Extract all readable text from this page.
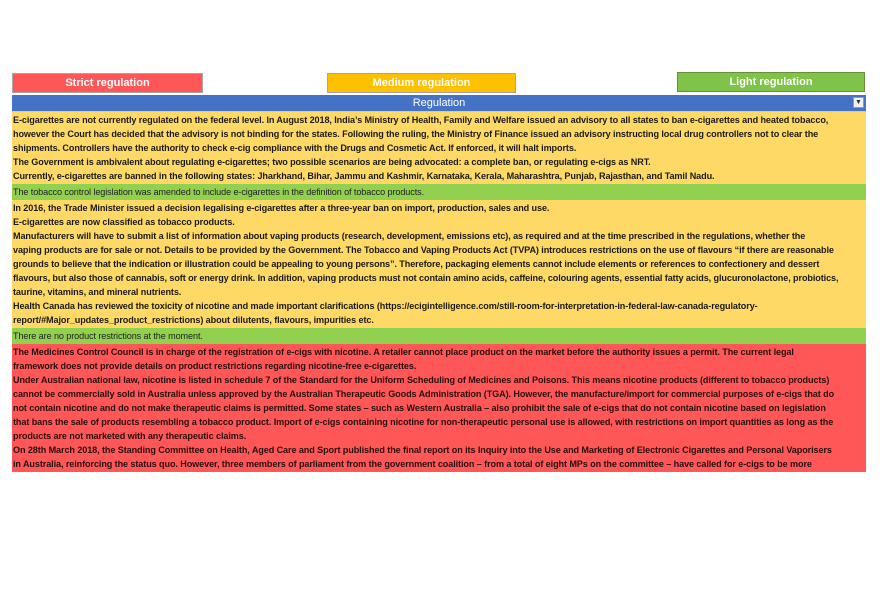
Strict regulation	Medium regulation	Light regulation
Regulation	▼
E-cigarettes are not currently regulated on the federal level. In August 2018, India’s Ministry of Health, Family and Welfare issued an advisory to all states to ban e-cigarettes and heated tobacco,
however the Court has decided that the advisory is not binding for the states. Following the ruling, the Ministry of Finance issued an advisory instructing local drug controllers not to clear the
shipments. Controllers have the authority to check e-cig compliance with the Drugs and Cosmetic Act. If enforced, it will halt imports.
The Government is ambivalent about regulating e-cigarettes; two possible scenarios are being advocated: a complete ban, or regulating e-cigs as NRT.
Currently, e-cigarettes are banned in the following states: Jharkhand, Bihar, Jammu and Kashmir, Karnataka, Kerala, Maharashtra, Punjab, Rajasthan, and Tamil Nadu.
The tobacco control legislation was amended to include e-cigarettes in the definition of tobacco products.
In 2016, the Trade Minister issued a decision legalising e-cigarettes after a three-year ban on import, production, sales and use.
E-cigarettes are now classified as tobacco products.
Manufacturers will have to submit a list of information about vaping products (research, development, emissions etc), as required and at the time prescribed in the regulations, whether the
vaping products are for sale or not. Details to be provided by the Government. The Tobacco and Vaping Products Act (TVPA) introduces restrictions on the use of flavours “if there are reasonable
grounds to believe that the indication or illustration could be appealing to young persons”. Therefore, packaging elements cannot include elements or references to confectionery and dessert
flavours, but also those of cannabis, soft or energy drink. In addition, vaping products must not contain amino acids, caffeine, colouring agents, essential fatty acids, glucuronolactone, probiotics,
taurine, vitamins, and mineral nutrients.
Health Canada has reviewed the toxicity of nicotine and made important clarifications (https://ecigintelligence.com/still-room-for-interpretation-in-federal-law-canada-regulatory-
report/#Major_updates_product_restrictions) about dilutents, flavours, impurities etc.
There are no product restrictions at the moment.
The Medicines Control Council is in charge of the registration of e-cigs with nicotine. A retailer cannot place product on the market before the authority issues a permit. The current legal
framework does not provide details on product restrictions regarding nicotine-free e-cigarettes.
Under Australian national law, nicotine is listed in schedule 7 of the Standard for the Uniform Scheduling of Medicines and Poisons. This means nicotine products (different to tobacco products)
cannot be commercially sold in Australia unless approved by the Australian Therapeutic Goods Administration (TGA). However, the manufacture/import for commercial purposes of e-cigs that do
not contain nicotine and do not make therapeutic claims is permitted. Some states – such as Western Australia – also prohibit the sale of e-cigs that do not contain nicotine based on legislation
that bans the sale of products resembling a tobacco product. Import of e-cigs containing nicotine for non-therapeutic personal use is allowed, with restrictions on import quantities as long as the
products are not marketed with any therapeutic claims.
On 28th March 2018, the Standing Committee on Health, Aged Care and Sport published the final report on its Inquiry into the Use and Marketing of Electronic Cigarettes and Personal Vaporisers
in Australia, reinforcing the status quo. However, three members of parliament from the government coalition – from a total of eight MPs on the committee – have called for e-cigs to be more
